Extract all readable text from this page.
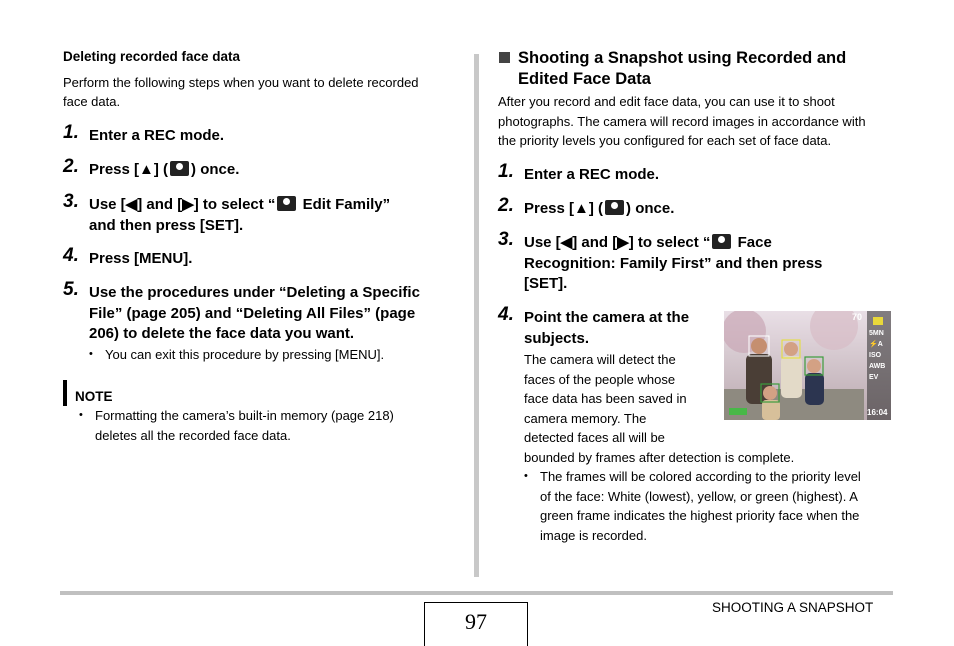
Deleting recorded face data
Perform the following steps when you want to delete recorded
face data.
1. Enter a REC mode.
2. Press [▲] ( ) once.
3. Use [◀] and [▶] to select “ Edit Family”
and then press [SET].
4. Press [MENU].
5. Use the procedures under “Deleting a Specific
File” (page 205) and “Deleting All Files” (page
206) to delete the face data you want.
• You can exit this procedure by pressing [MENU].
NOTE
• Formatting the camera’s built-in memory (page 218)
deletes all the recorded face data.
Shooting a Snapshot using Recorded and
Edited Face Data
After you record and edit face data, you can use it to shoot
photographs. The camera will record images in accordance with
the priority levels you configured for each set of face data.
1. Enter a REC mode.
2. Press [▲] ( ) once.
3. Use [◀] and [▶] to select “ Face
Recognition: Family First” and then press
[SET].
4. Point the camera at the
subjects.
The camera will detect the
faces of the people whose
face data has been saved in
camera memory. The
detected faces all will be
bounded by frames after detection is complete.
70
5MN
⚡A
ISO
AWB
EV
16:04
• The frames will be colored according to the priority level
of the face: White (lowest), yellow, or green (highest). A
green frame indicates the highest priority face when the
image is recorded.
97
SHOOTING A SNAPSHOT
